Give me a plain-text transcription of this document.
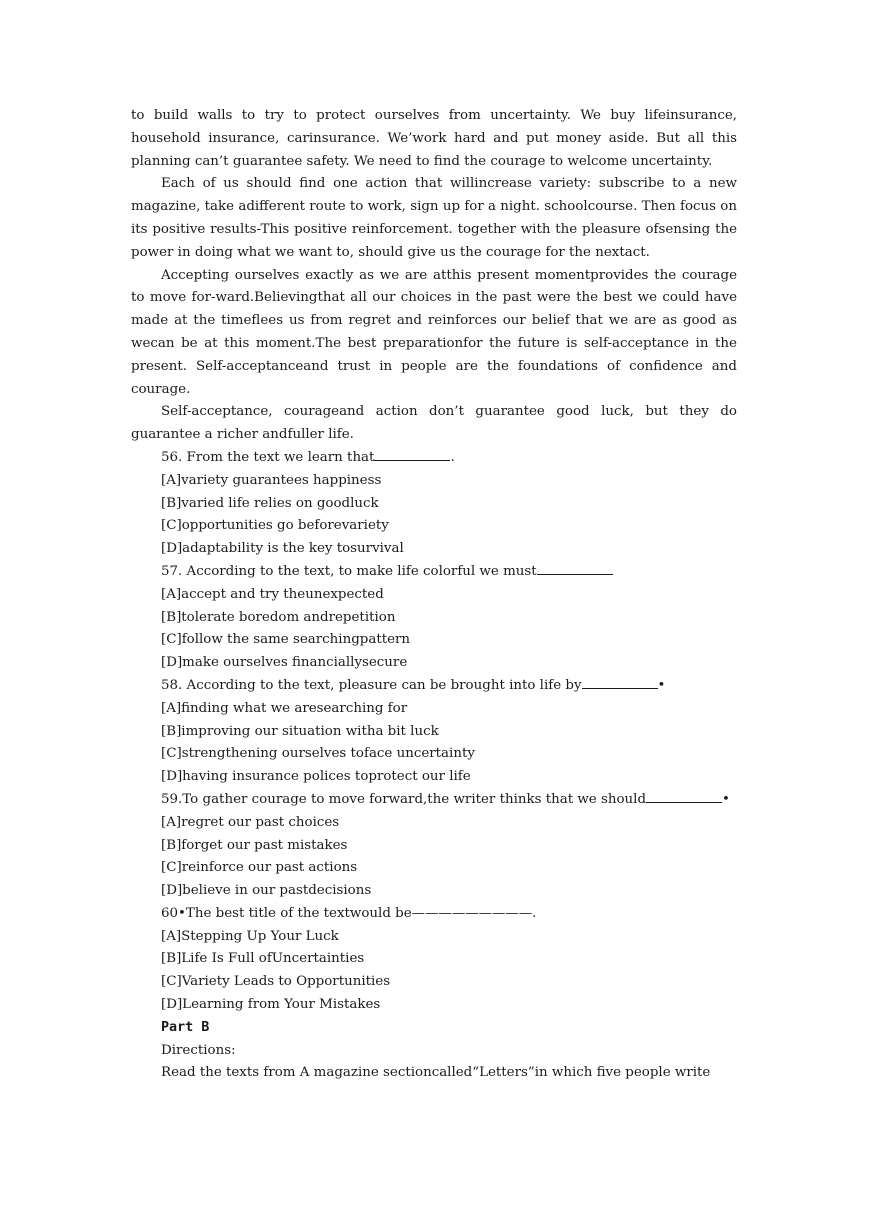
to build walls to try to protect ourselves from uncertainty. We buy lifeinsurance, household insurance, carinsurance. We’work hard and put money aside. But all this planning can’t guarantee safety. We need to find the courage to welcome uncertainty.

Each of us should find one action that willincrease variety: subscribe to a new magazine, take adifferent route to work, sign up for a night. schoolcourse. Then focus on its positive results-This positive reinforcement. together with the pleasure ofsensing the power in doing what we want to, should give us the courage for the nextact.

Accepting ourselves exactly as we are atthis present momentprovides the courage to move for-ward.Believingthat all our choices in the past were the best we could have made at the timeflees us from regret and reinforces our belief that we are as good as wecan be at this moment.The best preparationfor the future is self-acceptance in the present. Self-acceptanceand trust in people are the foundations of confidence and courage.

Self-acceptance, courageand action don’t guarantee good luck, but they do guarantee a richer andfuller life.

56. From the text we learn that	.

[A]variety guarantees happiness

[B]varied life relies on goodluck

[C]opportunities go beforevariety

[D]adaptability is the key tosurvival

57. According to the text, to make life colorful we must

[A]accept and try theunexpected

[B]tolerate boredom andrepetition

[C]follow the same searchingpattern

[D]make ourselves financiallysecure

58. According to the text, pleasure can be brought into life by	•

[A]finding what we aresearching for

[B]improving our situation witha bit luck

[C]strengthening ourselves toface uncertainty

[D]having insurance polices toprotect our life

59.To gather courage to move forward,the writer thinks that we should	•

[A]regret our past choices

[B]forget our past mistakes

[C]reinforce our past actions

[D]believe in our pastdecisions

60•The best title of the textwould be—————————.

[A]Stepping Up Your Luck

[B]Life Is Full ofUncertainties

[C]Variety Leads to Opportunities

[D]Learning from Your Mistakes

Part B

Directions:

Read the texts from A magazine sectioncalled“Letters”in which five people write
